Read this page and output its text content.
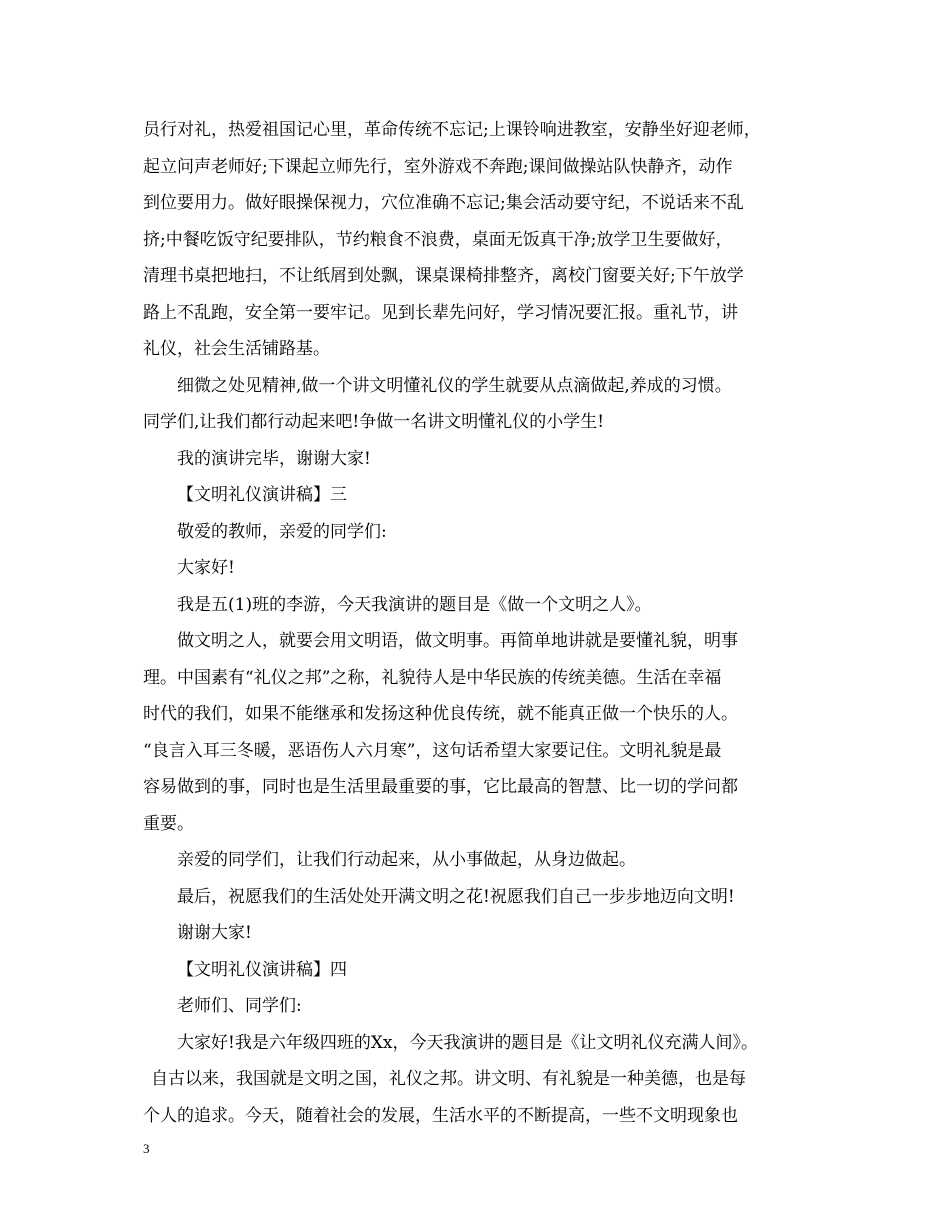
员行对礼，热爱祖国记心里，革命传统不忘记;上课铃响进教室，安静坐好迎老师，
起立问声老师好;下课起立师先行，室外游戏不奔跑;课间做操站队快静齐，动作
到位要用力。做好眼操保视力，穴位准确不忘记;集会活动要守纪，不说话来不乱
挤;中餐吃饭守纪要排队，节约粮食不浪费，桌面无饭真干净;放学卫生要做好，
清理书桌把地扫，不让纸屑到处飘，课桌课椅排整齐，离校门窗要关好;下午放学
路上不乱跑，安全第一要牢记。见到长辈先问好，学习情况要汇报。重礼节，讲
礼仪，社会生活铺路基。
细微之处见精神,做一个讲文明懂礼仪的学生就要从点滴做起,养成的习惯。
同学们,让我们都行动起来吧!争做一名讲文明懂礼仪的小学生!
我的演讲完毕，谢谢大家!
【文明礼仪演讲稿】三
敬爱的教师，亲爱的同学们:
大家好!
我是五(1)班的李游，今天我演讲的题目是《做一个文明之人》。
做文明之人，就要会用文明语，做文明事。再简单地讲就是要懂礼貌，明事
理。中国素有“礼仪之邦”之称，礼貌待人是中华民族的传统美德。生活在幸福
时代的我们，如果不能继承和发扬这种优良传统，就不能真正做一个快乐的人。
“良言入耳三冬暖，恶语伤人六月寒”，这句话希望大家要记住。文明礼貌是最
容易做到的事，同时也是生活里最重要的事，它比最高的智慧、比一切的学问都
重要。
亲爱的同学们，让我们行动起来，从小事做起，从身边做起。
最后，祝愿我们的生活处处开满文明之花!祝愿我们自己一步步地迈向文明!
谢谢大家!
【文明礼仪演讲稿】四
老师们、同学们:
大家好!我是六年级四班的Xx，今天我演讲的题目是《让文明礼仪充满人间》。
自古以来，我国就是文明之国，礼仪之邦。讲文明、有礼貌是一种美德，也是每
个人的追求。今天，随着社会的发展，生活水平的不断提高，一些不文明现象也
3
